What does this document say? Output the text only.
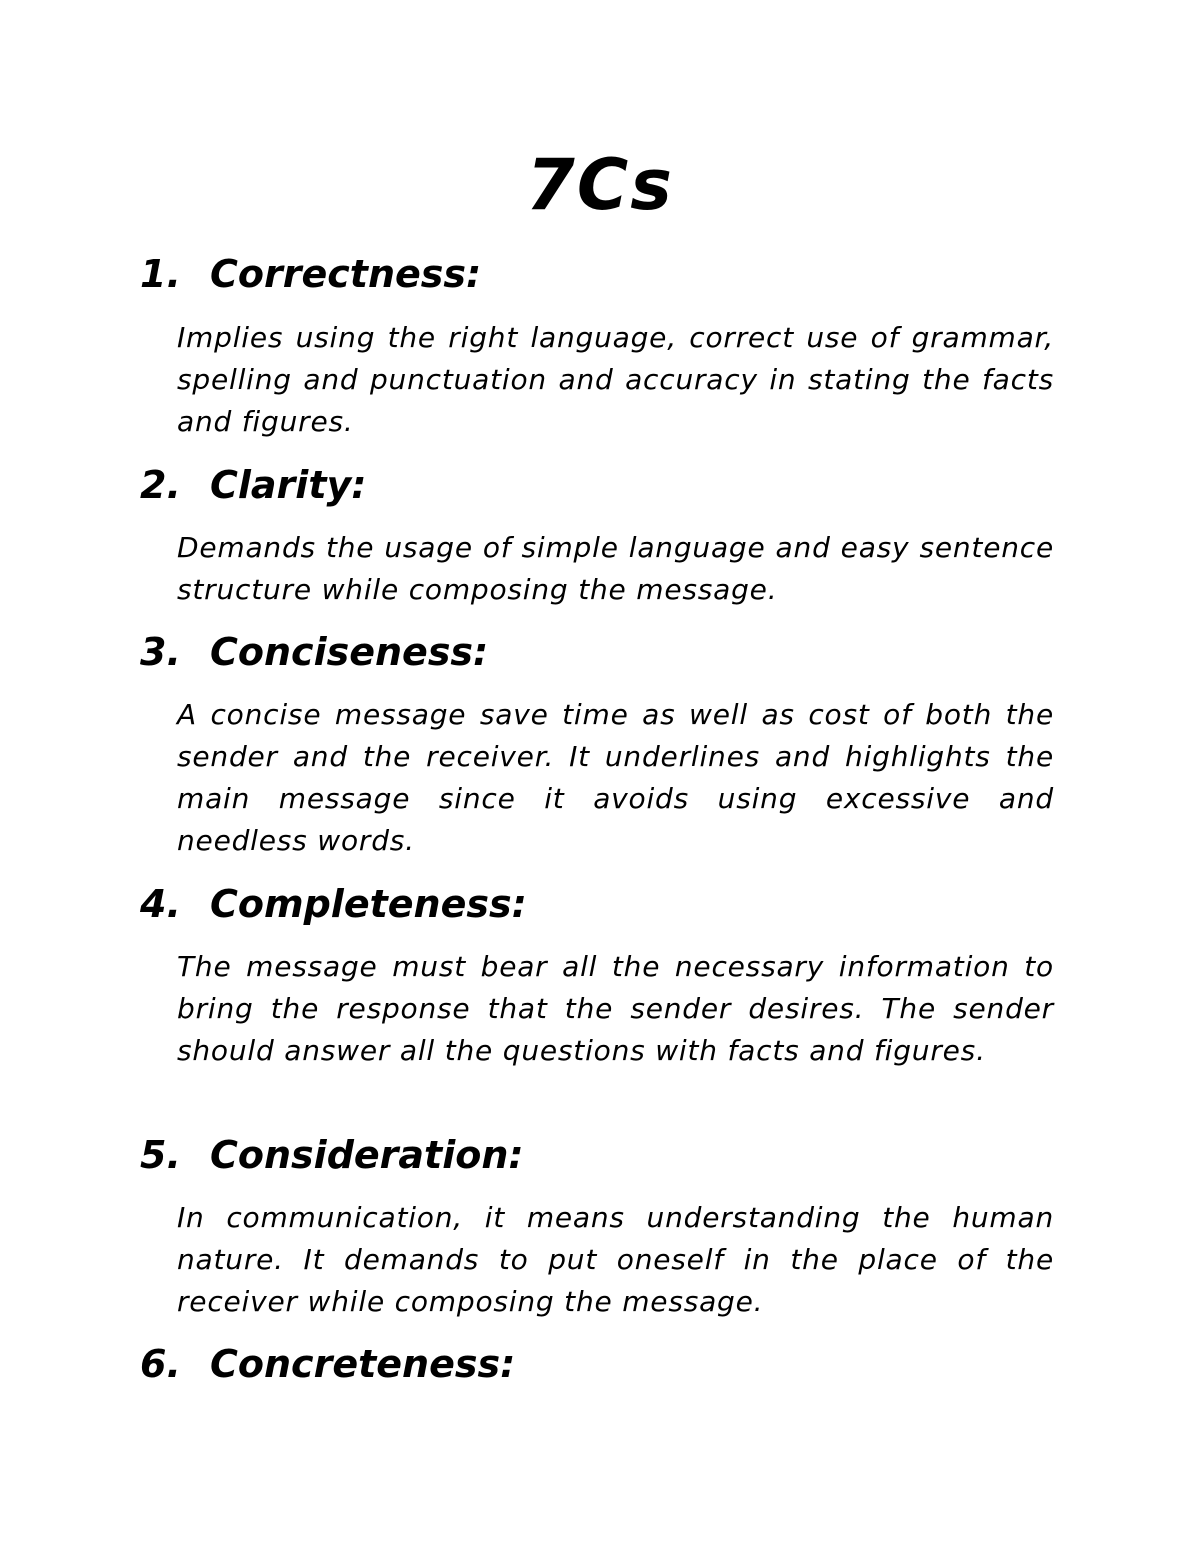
7Cs
1. Correctness:

Implies using the right language, correct use of grammar, spelling and punctuation and accuracy in stating the facts and figures.

2. Clarity:

Demands the usage of simple language and easy sentence structure while composing the message.

3. Conciseness:

A concise message save time as well as cost of both the sender and the receiver. It underlines and highlights the main message since it avoids using excessive and needless words.

4. Completeness:

The message must bear all the necessary information to bring the response that the sender desires. The sender should answer all the questions with facts and figures.

5. Consideration:

In communication, it means understanding the human nature. It demands to put oneself in the place of the receiver while composing the message.

6. Concreteness:
